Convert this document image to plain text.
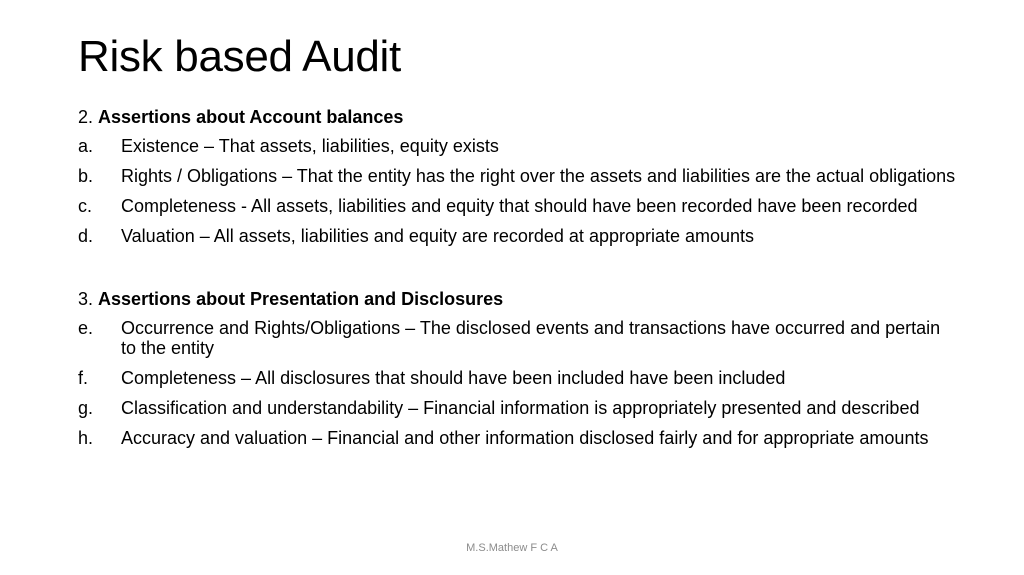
Risk based Audit
2. Assertions about Account balances
a.	Existence – That assets, liabilities, equity exists
b.	Rights / Obligations – That the entity has the right over the assets and liabilities are the actual obligations
c.	Completeness - All assets, liabilities and equity that should have been recorded have been recorded
d.	Valuation – All assets, liabilities and equity are recorded at appropriate amounts
3. Assertions about Presentation and Disclosures
e.	Occurrence and Rights/Obligations – The disclosed events and transactions have occurred and pertain to the entity
f.	Completeness – All disclosures that should have been included have been included
g.	Classification and understandability – Financial information is appropriately presented and described
h.	Accuracy and valuation – Financial and other information disclosed fairly and for appropriate amounts
M.S.Mathew F C A
